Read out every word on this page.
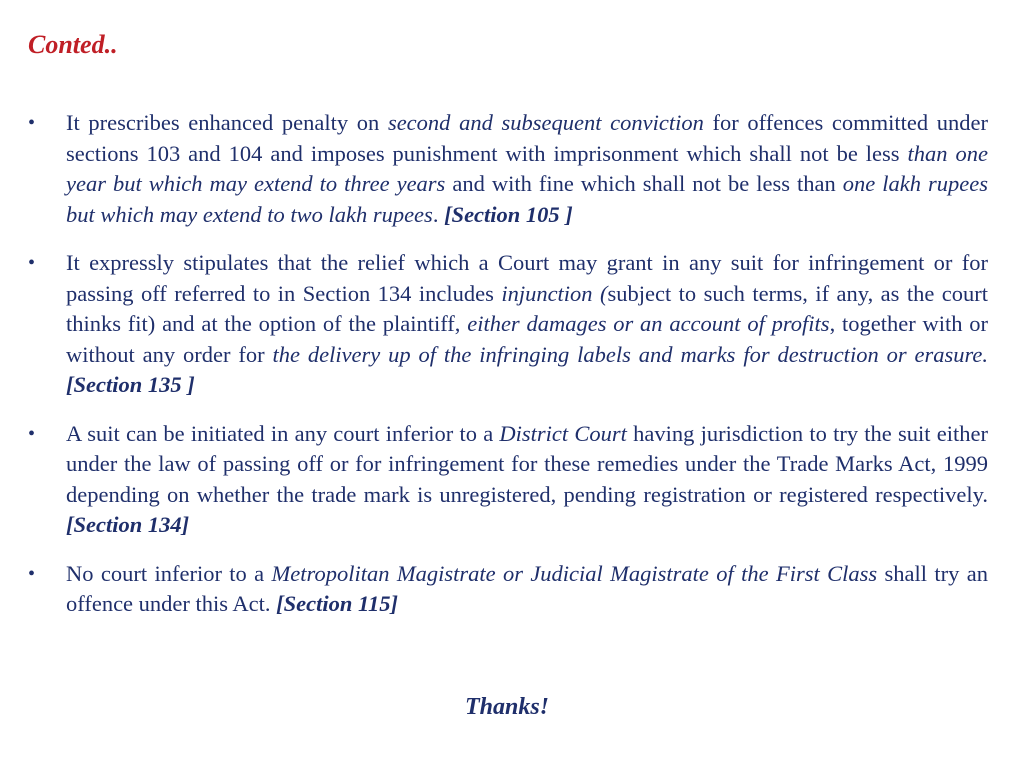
Conted..
• It prescribes enhanced penalty on second and subsequent conviction for offences committed under sections 103 and 104 and imposes punishment with imprisonment which shall not be less than one year but which may extend to three years and with fine which shall not be less than one lakh rupees but which may extend to two lakh rupees. [Section 105 ]
• It expressly stipulates that the relief which a Court may grant in any suit for infringement or for passing off referred to in Section 134 includes injunction (subject to such terms, if any, as the court thinks fit) and at the option of the plaintiff, either damages or an account of profits, together with or without any order for the delivery up of the infringing labels and marks for destruction or erasure. [Section 135 ]
• A suit can be initiated in any court inferior to a District Court having jurisdiction to try the suit either under the law of passing off or for infringement for these remedies under the Trade Marks Act, 1999 depending on whether the trade mark is unregistered, pending registration or registered respectively. [Section 134]
• No court inferior to a Metropolitan Magistrate or Judicial Magistrate of the First Class shall try an offence under this Act. [Section 115]
Thanks!
